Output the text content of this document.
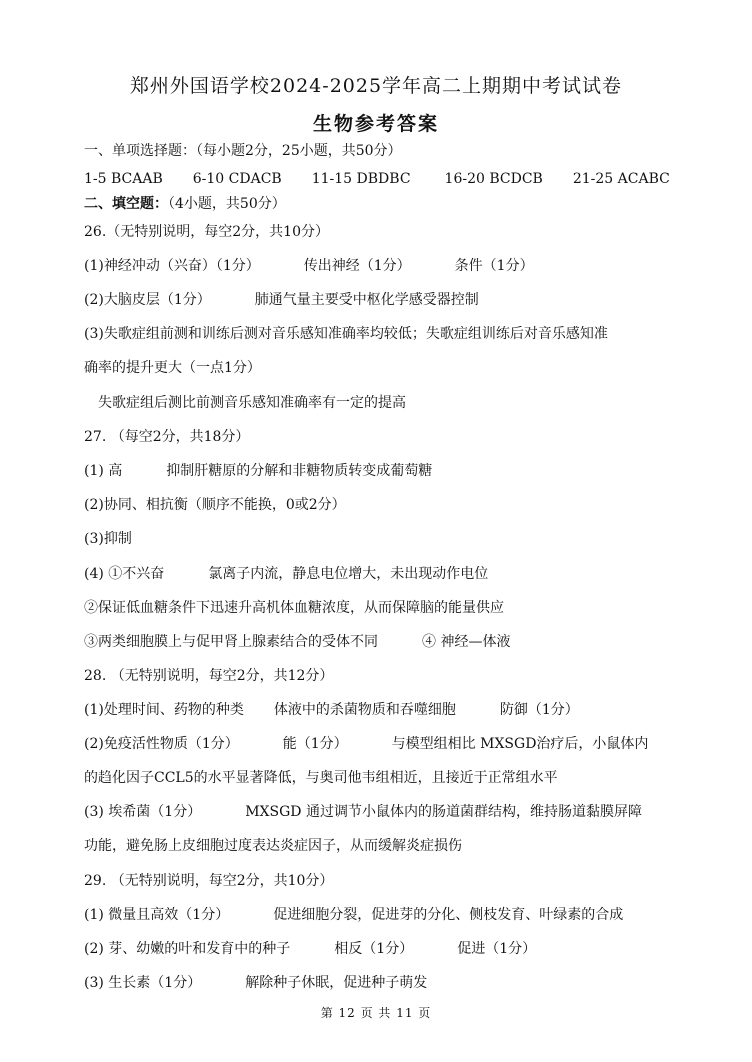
郑州外国语学校2024-2025学年高二上期期中考试试卷
生物参考答案
一、单项选择题：（每小题2分，25小题，共50分）
1-5 BCAAB 6-10 CDACB 11-15 DBDBC 16-20 BCDCB 21-25 ACABC
二、填空题：（4小题，共50分）
26.（无特别说明，每空2分，共10分）
(1)神经冲动（兴奋）（1分）	传出神经（1分）	条件（1分）
(2)大脑皮层（1分）	肺通气量主要受中枢化学感受器控制
(3)失歌症组前测和训练后测对音乐感知准确率均较低；失歌症组训练后对音乐感知准
确率的提升更大（一点1分）
失歌症组后测比前测音乐感知准确率有一定的提高
27. （每空2分，共18分）
(1) 高	抑制肝糖原的分解和非糖物质转变成葡萄糖
(2)协同、相抗衡（顺序不能换，0或2分）
(3)抑制
(4) ①不兴奋	氯离子内流，静息电位增大，未出现动作电位
②保证低血糖条件下迅速升高机体血糖浓度，从而保障脑的能量供应
③两类细胞膜上与促甲肾上腺素结合的受体不同	④ 神经—体液
28. （无特别说明，每空2分，共12分）
(1)处理时间、药物的种类 体液中的杀菌物质和吞噬细胞	防御（1分）
(2)免疫活性物质（1分）	能（1分）	与模型组相比 MXSGD治疗后，小鼠体内
的趋化因子CCL5的水平显著降低，与奥司他韦组相近，且接近于正常组水平
(3) 埃希菌（1分）	MXSGD 通过调节小鼠体内的肠道菌群结构，维持肠道黏膜屏障
功能，避免肠上皮细胞过度表达炎症因子，从而缓解炎症损伤
29. （无特别说明，每空2分，共10分）
(1) 微量且高效（1分）	促进细胞分裂，促进芽的分化、侧枝发育、叶绿素的合成
(2) 芽、幼嫩的叶和发育中的种子	相反（1分）	促进（1分）
(3) 生长素（1分）	解除种子休眠，促进种子萌发
第 12 页 共 11 页
